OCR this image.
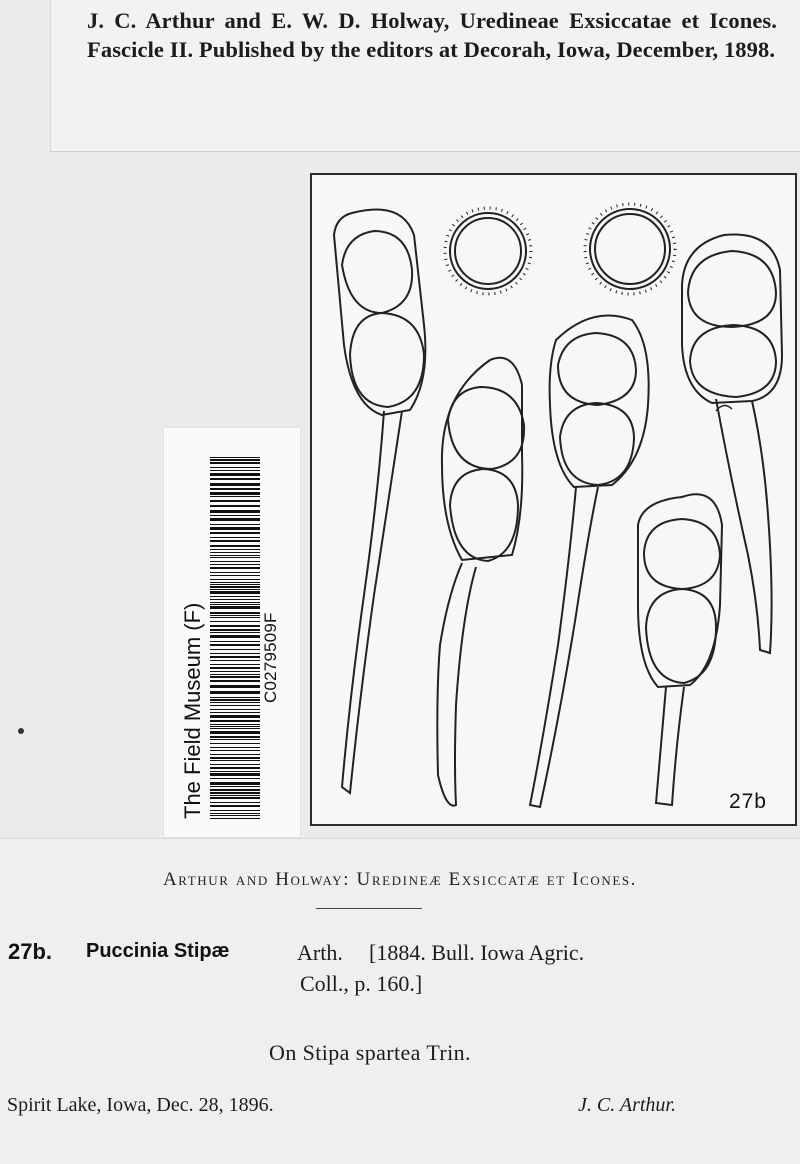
J. C. Arthur and E. W. D. Holway, Uredineae Exsiccatae et Icones. Fascicle II. Published by the editors at Decorah, Iowa, December, 1898.

The Field Museum (F)	C0279509F
27b
Arthur and Holway: Uredineæ Exsiccatæ et Icones.
27b. Puccinia Stipæ	Arth. [1884. Bull. Iowa Agric.
Coll., p. 160.]
On Stipa spartea Trin.
Spirit Lake, Iowa, Dec. 28, 1896.	J. C. Arthur.
